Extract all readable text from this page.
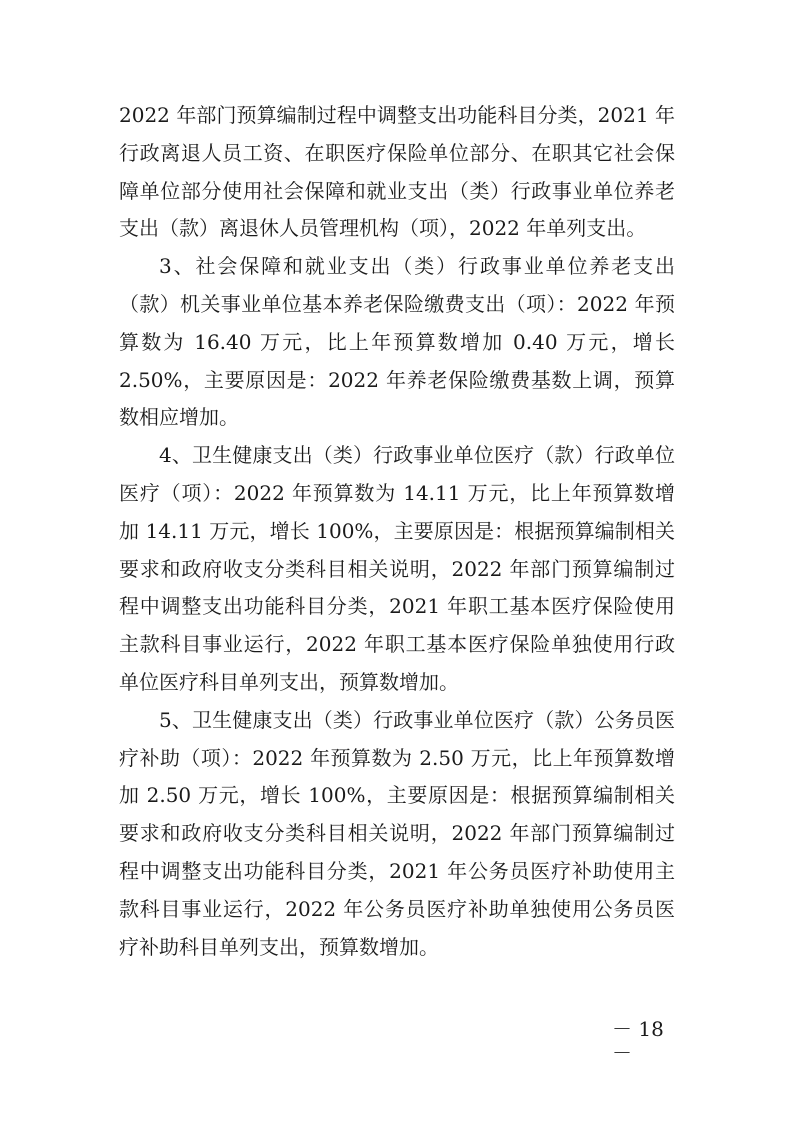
2022 年部门预算编制过程中调整支出功能科目分类，2021 年行政离退人员工资、在职医疗保险单位部分、在职其它社会保障单位部分使用社会保障和就业支出（类）行政事业单位养老支出（款）离退休人员管理机构（项），2022 年单列支出。

3、社会保障和就业支出（类）行政事业单位养老支出（款）机关事业单位基本养老保险缴费支出（项）：2022 年预算数为 16.40 万元，比上年预算数增加 0.40 万元，增长 2.50%，主要原因是：2022 年养老保险缴费基数上调，预算数相应增加。

4、卫生健康支出（类）行政事业单位医疗（款）行政单位医疗（项）：2022 年预算数为 14.11 万元，比上年预算数增加 14.11 万元，增长 100%，主要原因是：根据预算编制相关要求和政府收支分类科目相关说明，2022 年部门预算编制过程中调整支出功能科目分类，2021 年职工基本医疗保险使用主款科目事业运行，2022 年职工基本医疗保险单独使用行政单位医疗科目单列支出，预算数增加。

5、卫生健康支出（类）行政事业单位医疗（款）公务员医疗补助（项）：2022 年预算数为 2.50 万元，比上年预算数增加 2.50 万元，增长 100%，主要原因是：根据预算编制相关要求和政府收支分类科目相关说明，2022 年部门预算编制过程中调整支出功能科目分类，2021 年公务员医疗补助使用主款科目事业运行，2022 年公务员医疗补助单独使用公务员医疗补助科目单列支出，预算数增加。

－ 18 －
